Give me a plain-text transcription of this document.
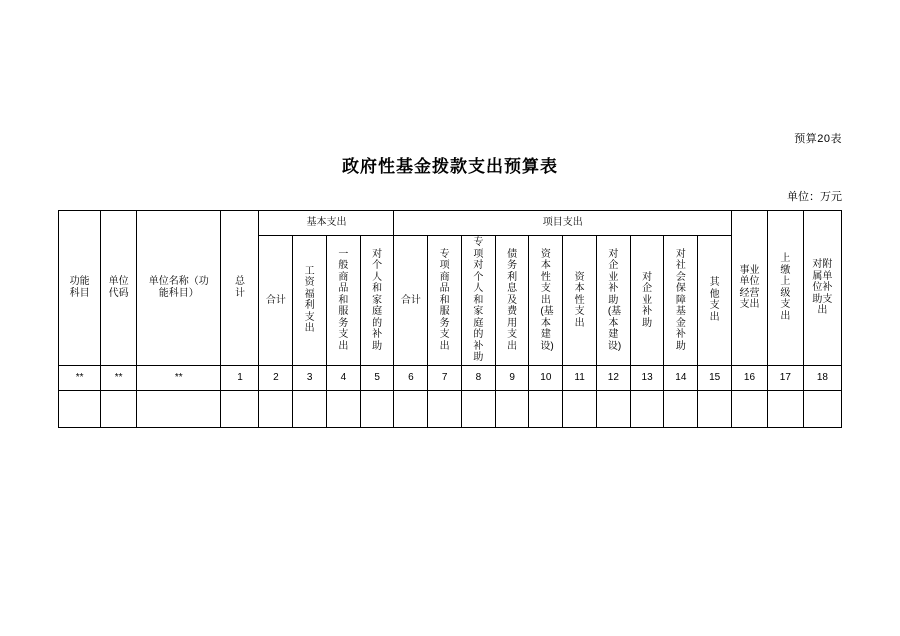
预算20表
政府性基金拨款支出预算表
单位：万元
功能科目	单位代码	单位名称（功能科目）	总 计	基本支出				项目支出										事业单位经营支出	上缴上级支出	对附属单位补助支出

				合计	工资福利支出	一般商品和服务支出	对个人和家庭的补助	合计	专项商品和服务支出	专项对个人和家庭的补助	债务利息及费用支出	资本性支出(基本建设)	资本性支出	对企业补助(基本建设)	对企业补助	对社会保障基金补助	其他支出			

**	**	**	1	2	3	4	5	6	7	8	9	10	11	12	13	14	15	16	17	18
